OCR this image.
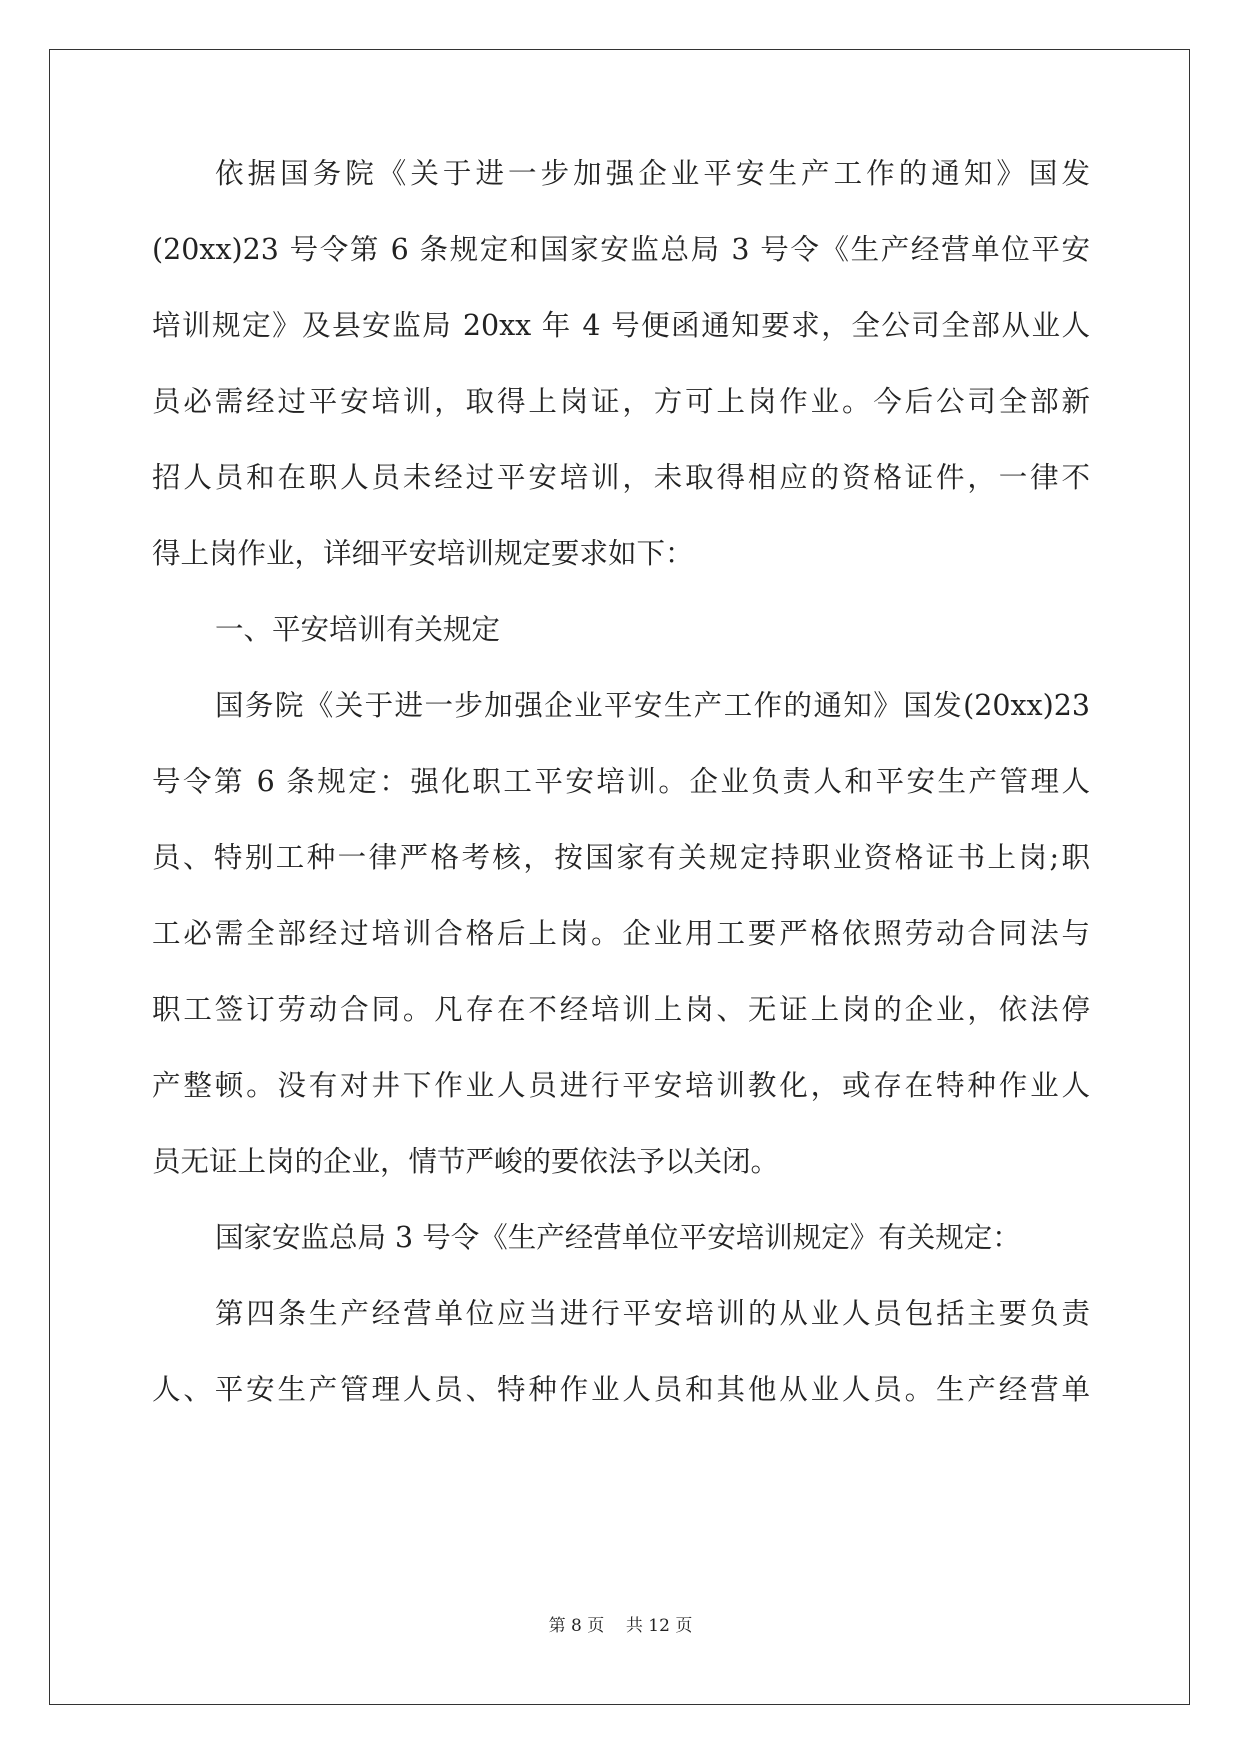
依据国务院《关于进一步加强企业平安生产工作的通知》国发
(20xx)23 号令第 6 条规定和国家安监总局 3 号令《生产经营单位平安
培训规定》及县安监局 20xx 年 4 号便函通知要求，全公司全部从业人
员必需经过平安培训，取得上岗证，方可上岗作业。今后公司全部新
招人员和在职人员未经过平安培训，未取得相应的资格证件，一律不
得上岗作业，详细平安培训规定要求如下：
一、平安培训有关规定
国务院《关于进一步加强企业平安生产工作的通知》国发(20xx)23
号令第 6 条规定：强化职工平安培训。企业负责人和平安生产管理人
员、特别工种一律严格考核，按国家有关规定持职业资格证书上岗;职
工必需全部经过培训合格后上岗。企业用工要严格依照劳动合同法与
职工签订劳动合同。凡存在不经培训上岗、无证上岗的企业，依法停
产整顿。没有对井下作业人员进行平安培训教化，或存在特种作业人
员无证上岗的企业，情节严峻的要依法予以关闭。
国家安监总局 3 号令《生产经营单位平安培训规定》有关规定：
第四条生产经营单位应当进行平安培训的从业人员包括主要负责
人、平安生产管理人员、特种作业人员和其他从业人员。生产经营单
第 8 页    共 12 页
